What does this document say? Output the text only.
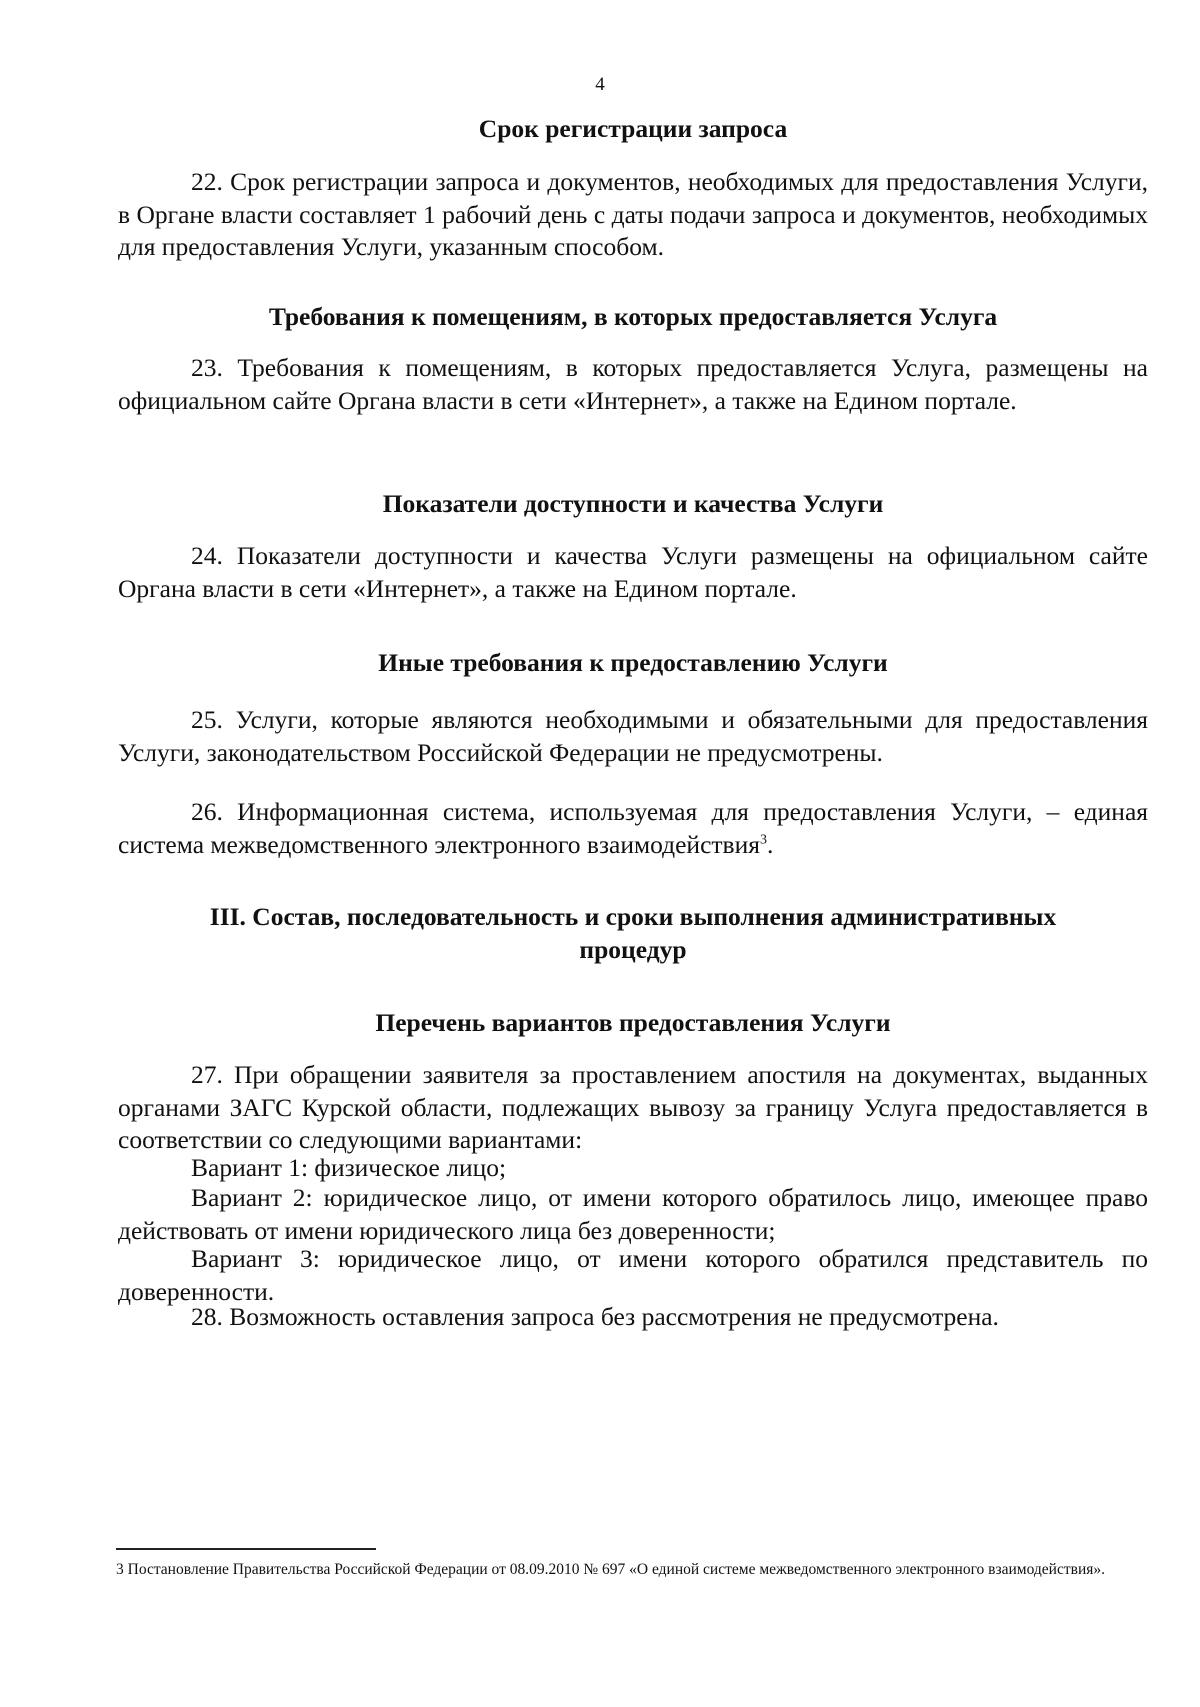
4
Срок регистрации запроса
22. Срок регистрации запроса и документов, необходимых для предоставления Услуги, в Органе власти составляет 1 рабочий день с даты подачи запроса и документов, необходимых для предоставления Услуги, указанным способом.
Требования к помещениям, в которых предоставляется Услуга
23. Требования к помещениям, в которых предоставляется Услуга, размещены на официальном сайте Органа власти в сети «Интернет», а также на Едином портале.
Показатели доступности и качества Услуги
24. Показатели доступности и качества Услуги размещены на официальном сайте Органа власти в сети «Интернет», а также на Едином портале.
Иные требования к предоставлению Услуги
25. Услуги, которые являются необходимыми и обязательными для предоставления Услуги, законодательством Российской Федерации не предусмотрены.
26. Информационная система, используемая для предоставления Услуги, – единая система межведомственного электронного взаимодействия$^3$.
III. Состав, последовательность и сроки выполнения административных
процедур
Перечень вариантов предоставления Услуги
27. При обращении заявителя за проставлением апостиля на документах, выданных органами ЗАГС Курской области, подлежащих вывозу за границу Услуга предоставляется в соответствии со следующими вариантами:
Вариант 1: физическое лицо;
Вариант 2: юридическое лицо, от имени которого обратилось лицо, имеющее право действовать от имени юридического лица без доверенности;
Вариант 3: юридическое лицо, от имени которого обратился представитель по доверенности.
28. Возможность оставления запроса без рассмотрения не предусмотрена.
3 Постановление Правительства Российской Федерации от 08.09.2010 № 697 «О единой системе межведомственного электронного взаимодействия».
